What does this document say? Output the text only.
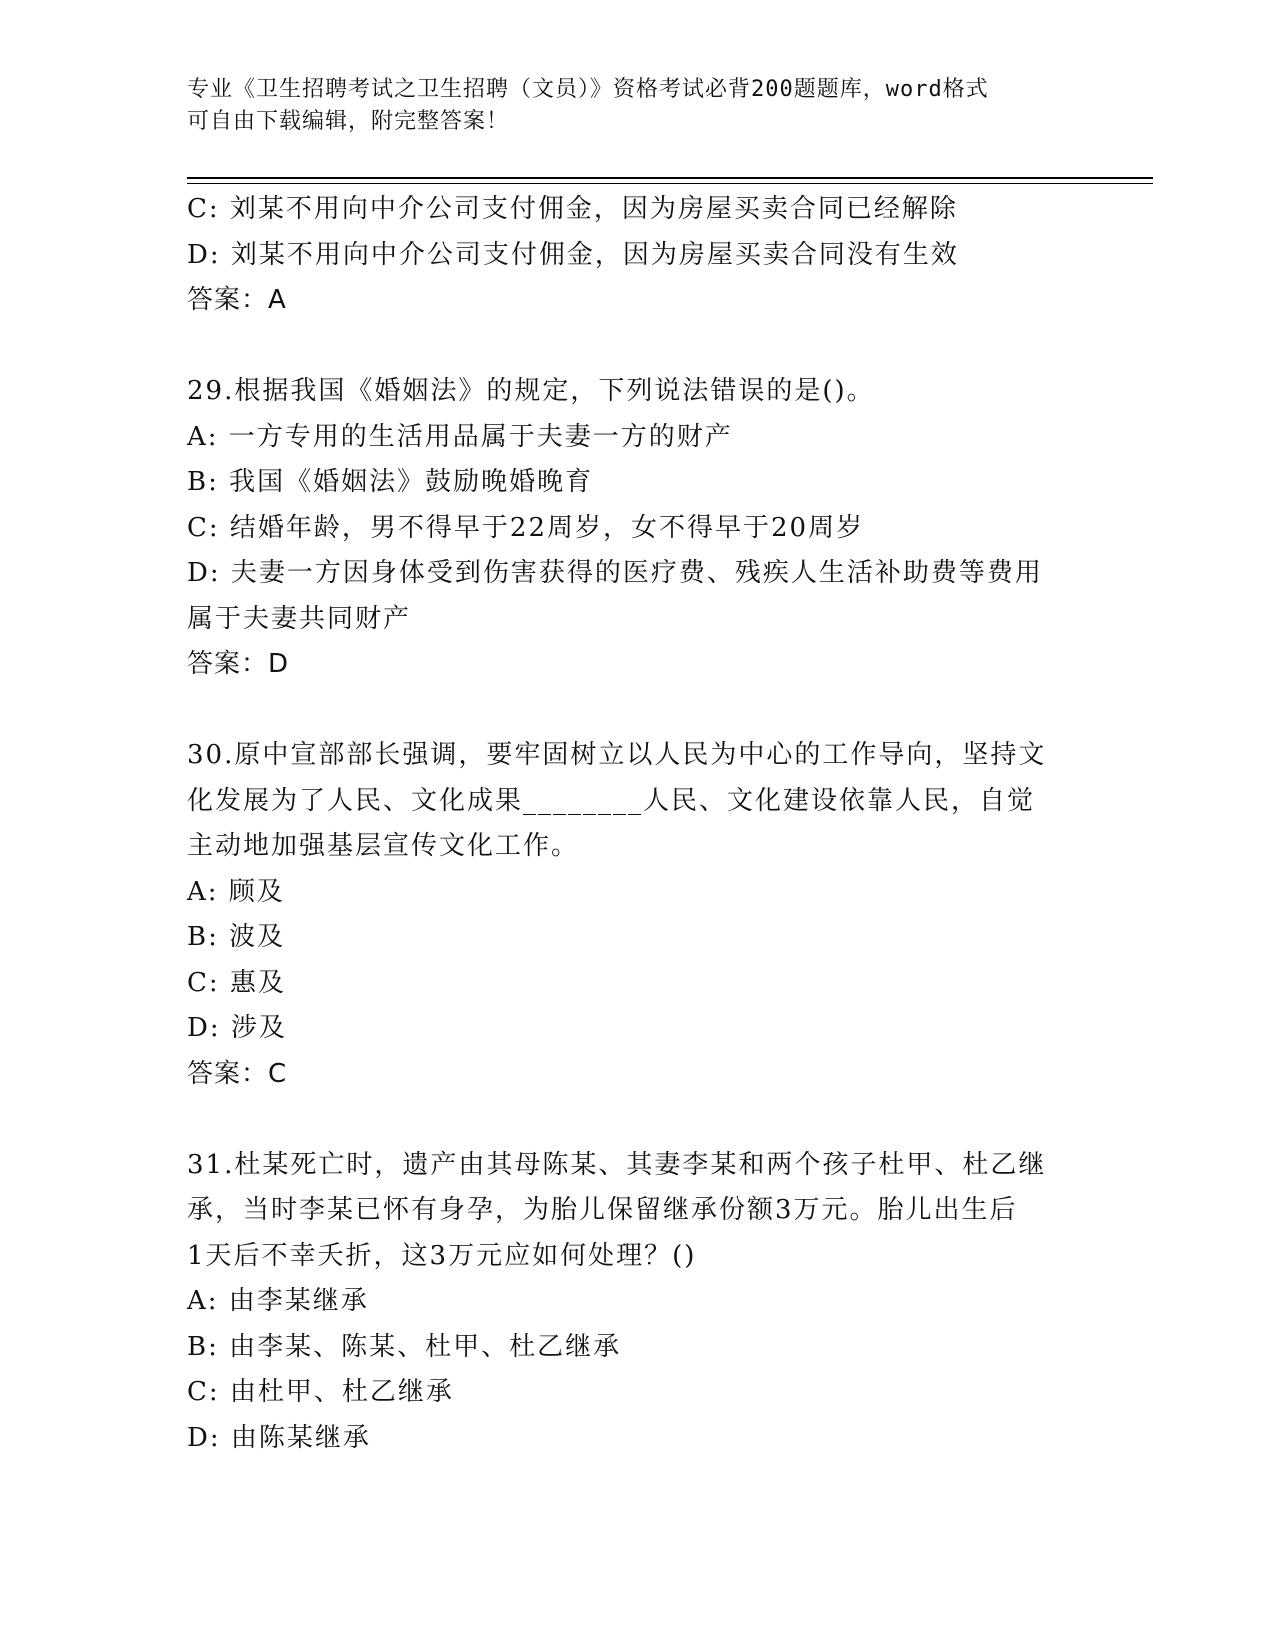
专业《卫生招聘考试之卫生招聘（文员）》资格考试必背200题题库，word格式
可自由下载编辑，附完整答案！
C: 刘某不用向中介公司支付佣金，因为房屋买卖合同已经解除
D: 刘某不用向中介公司支付佣金，因为房屋买卖合同没有生效
答案：A
29.根据我国《婚姻法》的规定，下列说法错误的是()。
A: 一方专用的生活用品属于夫妻一方的财产
B: 我国《婚姻法》鼓励晚婚晚育
C: 结婚年龄，男不得早于22周岁，女不得早于20周岁
D: 夫妻一方因身体受到伤害获得的医疗费、残疾人生活补助费等费用
属于夫妻共同财产
答案：D
30.原中宣部部长强调，要牢固树立以人民为中心的工作导向，坚持文
化发展为了人民、文化成果________人民、文化建设依靠人民，自觉
主动地加强基层宣传文化工作。
A: 顾及
B: 波及
C: 惠及
D: 涉及
答案：C
31.杜某死亡时，遗产由其母陈某、其妻李某和两个孩子杜甲、杜乙继
承，当时李某已怀有身孕，为胎儿保留继承份额3万元。胎儿出生后
1天后不幸夭折，这3万元应如何处理？()
A: 由李某继承
B: 由李某、陈某、杜甲、杜乙继承
C: 由杜甲、杜乙继承
D: 由陈某继承
